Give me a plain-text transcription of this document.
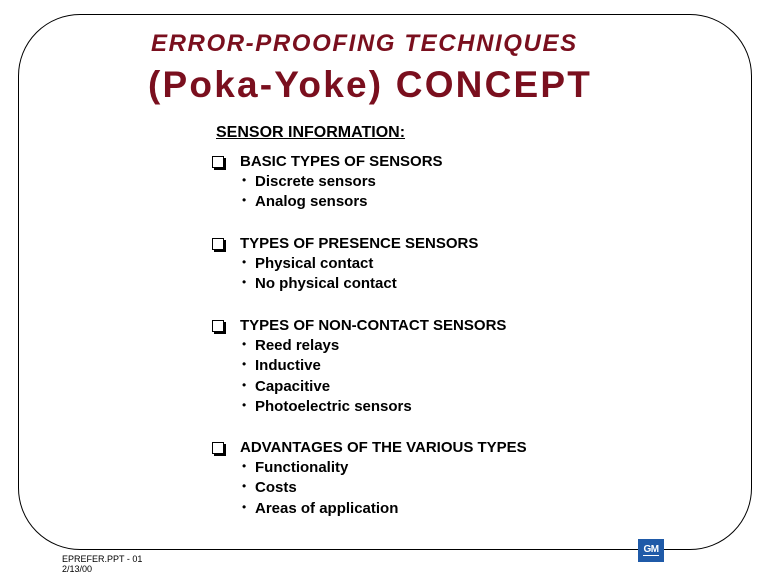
ERROR-PROOFING TECHNIQUES
(Poka-Yoke) CONCEPT
SENSOR INFORMATION:
BASIC TYPES OF SENSORS
• Discrete sensors
• Analog sensors
TYPES OF PRESENCE SENSORS
• Physical contact
• No physical contact
TYPES OF NON-CONTACT SENSORS
• Reed relays
• Inductive
• Capacitive
• Photoelectric sensors
ADVANTAGES OF THE VARIOUS TYPES
• Functionality
• Costs
• Areas of application
EPREFER.PPT - 01
2/13/00
GM
